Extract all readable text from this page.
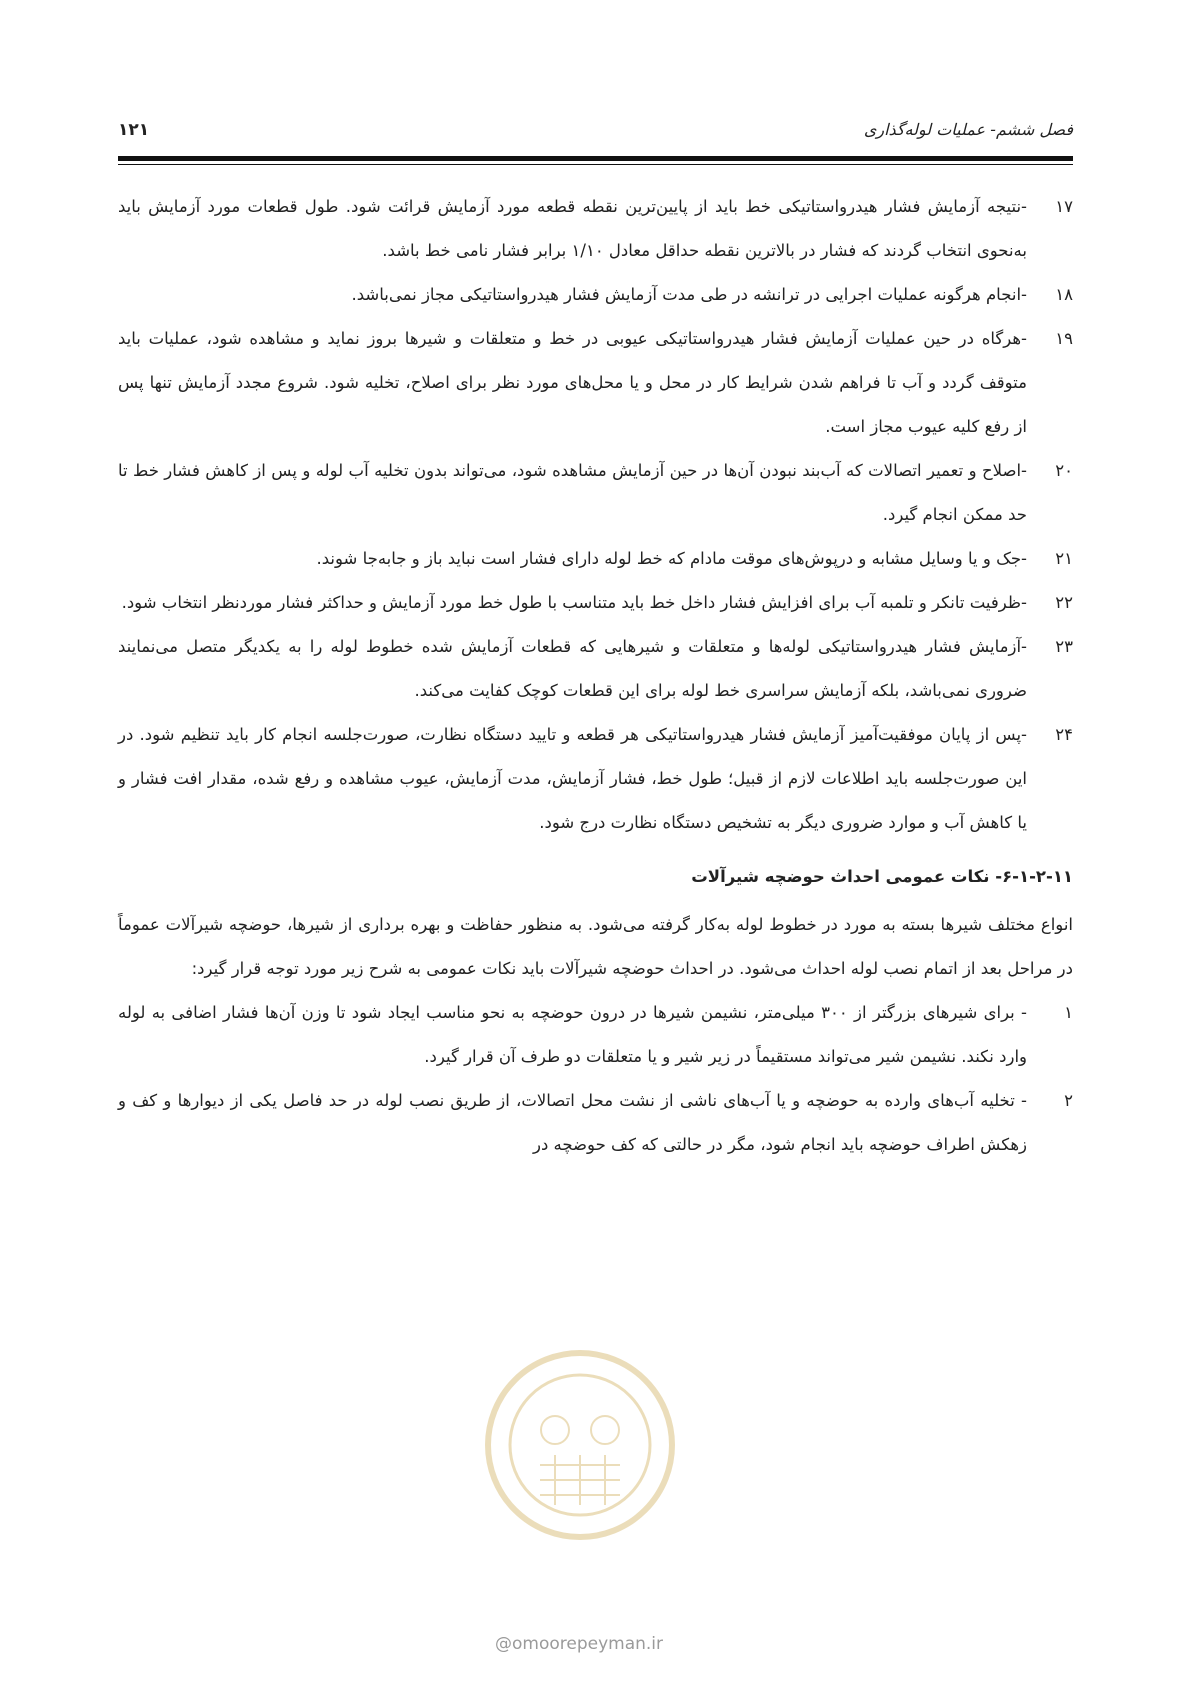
فصل ششم- عملیات لوله‌گذاری
۱۲۱
۱۷
-نتیجه آزمایش فشار هیدرواستاتیکی خط باید از پایین‌ترین نقطه قطعه مورد آزمایش قرائت شود. طول قطعات مورد آزمایش باید به‌نحوی انتخاب گردند که فشار در بالاترین نقطه حداقل معادل ۱/۱۰ برابر فشار نامی خط باشد.
۱۸
-انجام هرگونه عملیات اجرایی در ترانشه در طی مدت آزمایش فشار هیدرواستاتیکی مجاز نمی‌باشد.
۱۹
-هرگاه در حین عملیات آزمایش فشار هیدرواستاتیکی عیوبی در خط و متعلقات و شیرها بروز نماید و مشاهده شود، عملیات باید متوقف گردد و آب تا فراهم شدن شرایط کار در محل و یا محل‌های مورد نظر برای اصلاح، تخلیه شود. شروع مجدد آزمایش تنها پس از رفع کلیه عیوب مجاز است.
۲۰
-اصلاح و تعمیر اتصالات که آب‌بند نبودن آن‌ها در حین آزمایش مشاهده شود، می‌تواند بدون تخلیه آب لوله و پس از کاهش فشار خط تا حد ممکن انجام گیرد.
۲۱
-جک و یا وسایل مشابه و درپوش‌های موقت مادام که خط لوله دارای فشار است نباید باز و جابه‌جا شوند.
۲۲
-ظرفیت تانکر و تلمبه آب برای افزایش فشار داخل خط باید متناسب با طول خط مورد آزمایش و حداکثر فشار موردنظر انتخاب شود.
۲۳
-آزمایش فشار هیدرواستاتیکی لوله‌ها و متعلقات و شیرهایی که قطعات آزمایش شده خطوط لوله را به یکدیگر متصل می‌نمایند ضروری نمی‌باشد، بلکه آزمایش سراسری خط لوله برای این قطعات کوچک کفایت می‌کند.
۲۴
-پس از پایان موفقیت‌آمیز آزمایش فشار هیدرواستاتیکی هر قطعه و تایید دستگاه نظارت، صورت‌جلسه انجام کار باید تنظیم شود. در این صورت‌جلسه باید اطلاعات لازم از قبیل؛ طول خط، فشار آزمایش، مدت آزمایش، عیوب مشاهده و رفع شده، مقدار افت فشار و یا کاهش آب و موارد ضروری دیگر به تشخیص دستگاه نظارت درج شود.
۶-۱-۲-۱۱- نکات عمومی احداث حوضچه شیرآلات

انواع مختلف شیرها بسته به مورد در خطوط لوله به‌کار گرفته می‌شود. به منظور حفاظت و بهره برداری از شیرها، حوضچه شیرآلات عموماً در مراحل بعد از اتمام نصب لوله احداث می‌شود. در احداث حوضچه شیرآلات باید نکات عمومی به شرح زیر مورد توجه قرار گیرد:

۱
- برای شیرهای بزرگتر از ۳۰۰ میلی‌متر، نشیمن شیرها در درون حوضچه به نحو مناسب ایجاد شود تا وزن آن‌ها فشار اضافی به لوله وارد نکند. نشیمن شیر می‌تواند مستقیماً در زیر شیر و یا متعلقات دو طرف آن قرار گیرد.
۲
- تخلیه آب‌های وارده به حوضچه و یا آب‌های ناشی از نشت محل اتصالات، از طریق نصب لوله در حد فاصل یکی از دیوارها و کف و زهکش اطراف حوضچه باید انجام شود، مگر در حالتی که کف حوضچه در
@omoorepeyman.ir
